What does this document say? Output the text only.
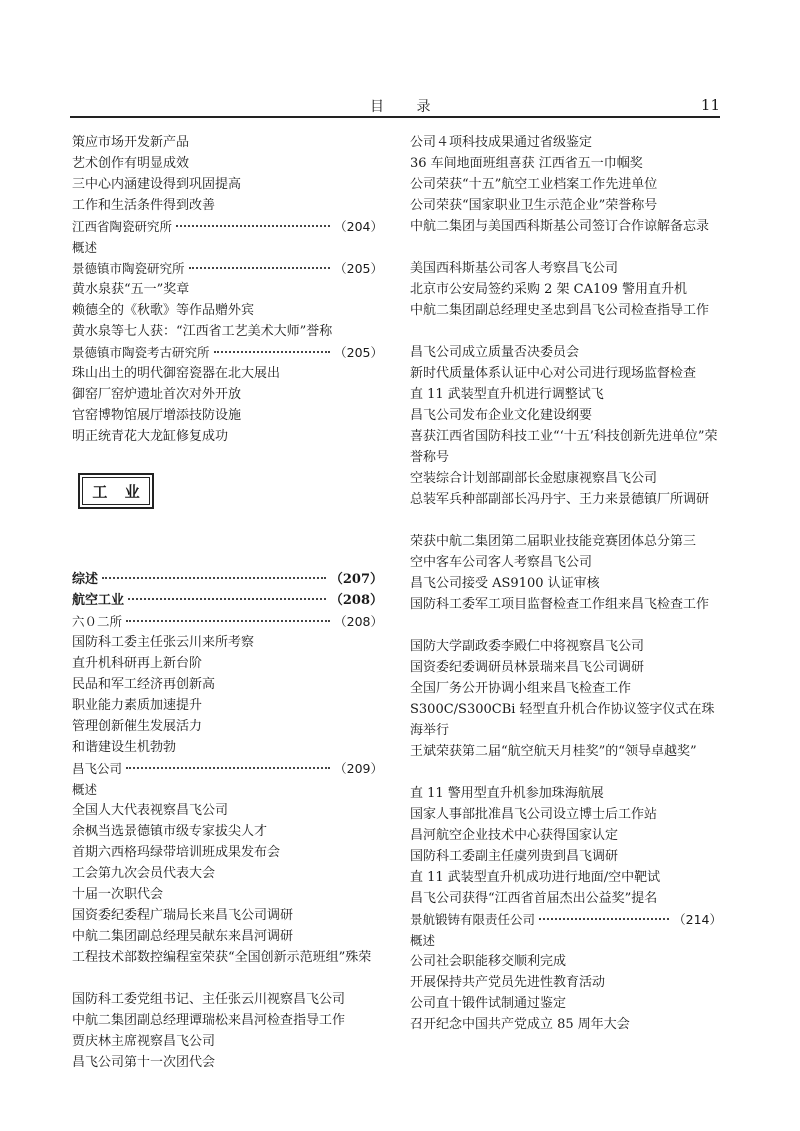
目 录	11
策应市场开发新产品
艺术创作有明显成效
三中心内涵建设得到巩固提高
工作和生活条件得到改善
江西省陶瓷研究所	（204）
概述
景德镇市陶瓷研究所	（205）
黄水泉获“五一”奖章
赖德全的《秋歌》等作品赠外宾
黄水泉等七人获：“江西省工艺美术大师”誉称
景德镇市陶瓷考古研究所	（205）
珠山出土的明代御窑瓷器在北大展出
御窑厂窑炉遗址首次对外开放
官窑博物馆展厅增添技防设施
明正统青花大龙缸修复成功
工 业
综述	（207）
航空工业	（208）
六０二所	（208）
国防科工委主任张云川来所考察
直升机科研再上新台阶
民品和军工经济再创新高
职业能力素质加速提升
管理创新催生发展活力
和谐建设生机勃勃
昌飞公司	（209）
概述
全国人大代表视察昌飞公司
余枫当选景德镇市级专家拔尖人才
首期六西格玛绿带培训班成果发布会
工会第九次会员代表大会
十届一次职代会
国资委纪委程广瑞局长来昌飞公司调研
中航二集团副总经理吴献东来昌河调研
工程技术部数控编程室荣获“全国创新示范班组”殊荣
国防科工委党组书记、主任张云川视察昌飞公司
中航二集团副总经理谭瑞松来昌河检查指导工作
贾庆林主席视察昌飞公司
昌飞公司第十一次团代会
公司４项科技成果通过省级鉴定
36 车间地面班组喜获 江西省五一巾帼奖
公司荣获“十五”航空工业档案工作先进单位
公司荣获“国家职业卫生示范企业”荣誉称号
中航二集团与美国西科斯基公司签订合作谅解备忘录
美国西科斯基公司客人考察昌飞公司
北京市公安局签约采购 2 架 CA109 警用直升机
中航二集团副总经理史圣忠到昌飞公司检查指导工作
昌飞公司成立质量否决委员会
新时代质量体系认证中心对公司进行现场监督检查
直 11 武装型直升机进行调整试飞
昌飞公司发布企业文化建设纲要
喜获江西省国防科技工业“‘十五’科技创新先进单位”荣誉称号
空装综合计划部副部长金慰康视察昌飞公司
总装军兵种部副部长冯丹宇、王力来景德镇厂所调研
荣获中航二集团第二届职业技能竞赛团体总分第三
空中客车公司客人考察昌飞公司
昌飞公司接受 AS9100 认证审核
国防科工委军工项目监督检查工作组来昌飞检查工作
国防大学副政委李殿仁中将视察昌飞公司
国资委纪委调研员林景瑞来昌飞公司调研
全国厂务公开协调小组来昌飞检查工作
S300C/S300CBi 轻型直升机合作协议签字仪式在珠海举行
王斌荣获第二届“航空航天月桂奖”的“领导卓越奖”
直 11 警用型直升机参加珠海航展
国家人事部批准昌飞公司设立博士后工作站
昌河航空企业技术中心获得国家认定
国防科工委副主任虞列贵到昌飞调研
直 11 武装型直升机成功进行地面/空中靶试
昌飞公司获得“江西省首届杰出公益奖”提名
景航锻铸有限责任公司	（214）
概述
公司社会职能移交顺利完成
开展保持共产党员先进性教育活动
公司直十锻件试制通过鉴定
召开纪念中国共产党成立 85 周年大会
